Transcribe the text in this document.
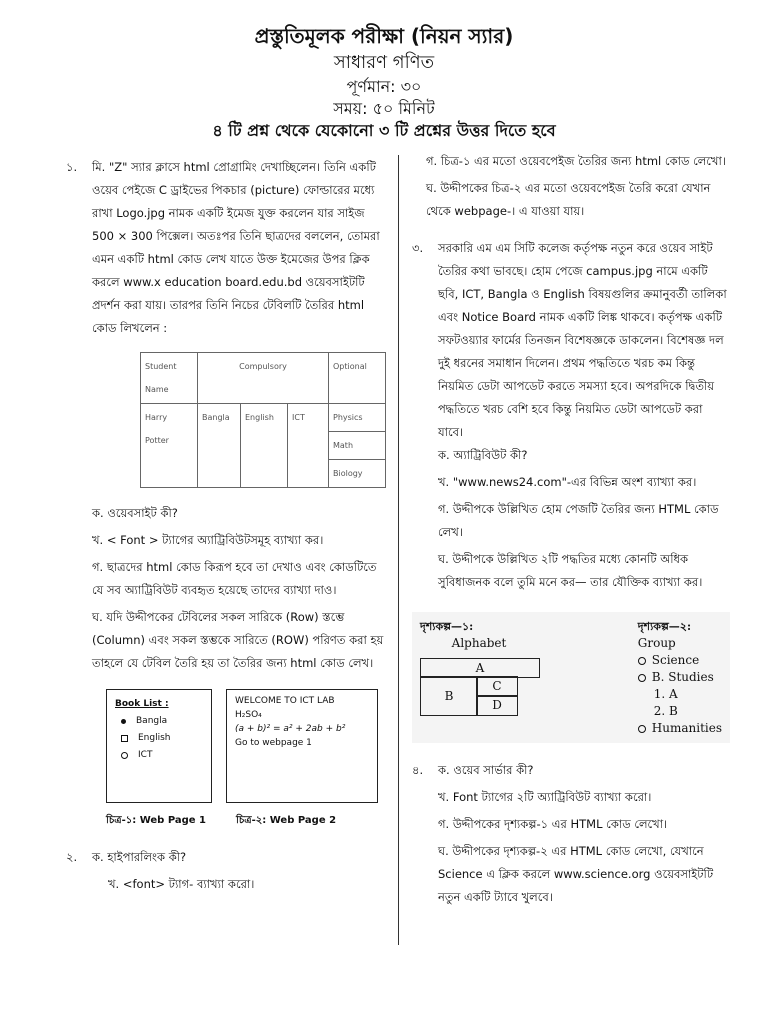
প্রস্তুতিমূলক পরীক্ষা (নিয়ন স্যার)
সাধারণ গণিত
পূর্ণমান: ৩০
সময়: ৫০ মিনিট
৪ টি প্রশ্ন থেকে যেকোনো ৩ টি প্রশ্নের উত্তর দিতে হবে
১. মি. "Z" স্যার ক্লাসে html প্রোগ্রামিং দেখাচ্ছিলেন। তিনি একটি ওয়েব পেইজে C ড্রাইভের পিকচার (picture) ফোল্ডারের মধ্যে রাখা Logo.jpg নামক একটি ইমেজ যুক্ত করলেন যার সাইজ 500 × 300 পিক্সেল। অতঃপর তিনি ছাত্রদের বললেন, তোমরা এমন একটি html কোড লেখ যাতে উক্ত ইমেজের উপর ক্লিক করলে www.x education board.edu.bd ওয়েবসাইটটি প্রদর্শন করা যায়। তারপর তিনি নিচের টেবিলটি তৈরির html কোড লিখলেন :

Student Name	Compulsory			Optional
Harry Potter	Bangla	English	ICT	Physics
				Math
				Biology

ক. ওয়েবসাইট কী?

খ. < Font > ট্যাগের অ্যাট্রিবিউটসমূহ ব্যাখ্যা কর।

গ. ছাত্রদের html কোড কিরূপ হবে তা দেখাও এবং কোডটিতে যে সব অ্যাট্রিবিউট ব্যবহৃত হয়েছে তাদের ব্যাখ্যা দাও।

ঘ. যদি উদ্দীপকের টেবিলের সকল সারিকে (Row) স্তম্ভে (Column) এবং সকল স্তম্ভকে সারিতে (ROW) পরিণত করা হয় তাহলে যে টেবিল তৈরি হয় তা তৈরির জন্য html কোড লেখ।

Book List :
Bangla
English
ICT
WELCOME TO ICT LAB
H₂SO₄
(a + b)² = a² + 2ab + b²
Go to webpage 1
চিত্র-১: Web Page 1	চিত্র-২: Web Page 2
২. ক. হাইপারলিংক কী?

খ. <font> ট্যাগ- ব্যাখ্যা করো।

গ. চিত্র-১ এর মতো ওয়েবপেইজ তৈরির জন্য html কোড লেখো।

ঘ. উদ্দীপকের চিত্র-২ এর মতো ওয়েবপেইজ তৈরি করো যেখান থেকে webpage-। এ যাওয়া যায়।

৩. সরকারি এম এম সিটি কলেজ কর্তৃপক্ষ নতুন করে ওয়েব সাইট তৈরির কথা ভাবছে। হোম পেজে campus.jpg নামে একটি ছবি, ICT, Bangla ও English বিষয়গুলির ক্রমানুবর্তী তালিকা এবং Notice Board নামক একটি লিঙ্ক থাকবে। কর্তৃপক্ষ একটি সফটওয়্যার ফার্মের তিনজন বিশেষজ্ঞকে ডাকলেন। বিশেষজ্ঞ দল দুই ধরনের সমাধান দিলেন। প্রথম পদ্ধতিতে খরচ কম কিন্তু নিয়মিত ডেটা আপডেট করতে সমস্যা হবে। অপরদিকে দ্বিতীয় পদ্ধতিতে খরচ বেশি হবে কিন্তু নিয়মিত ডেটা আপডেট করা যাবে।

ক. অ্যাট্রিবিউট কী?

খ. "www.news24.com"-এর বিভিন্ন অংশ ব্যাখ্যা কর।

গ. উদ্দীপকে উল্লিখিত হোম পেজটি তৈরির জন্য HTML কোড লেখ।

ঘ. উদ্দীপকে উল্লিখিত ২টি পদ্ধতির মধ্যে কোনটি অধিক সুবিধাজনক বলে তুমি মনে কর— তার যৌক্তিক ব্যাখ্যা কর।

দৃশ্যকল্প—১:
Alphabet
A
B
C
D
দৃশ্যকল্প—২:
Group
Science
B. Studies
1. A
2. B
Humanities
৪. ক. ওয়েব সার্ভার কী?

খ. Font ট্যাগের ২টি অ্যাট্রিবিউট ব্যাখ্যা করো।

গ. উদ্দীপকের দৃশ্যকল্প-১ এর HTML কোড লেখো।

ঘ. উদ্দীপকের দৃশ্যকল্প-২ এর HTML কোড লেখো, যেখানে Science এ ক্লিক করলে www.science.org ওয়েবসাইটটি নতুন একটি ট্যাবে খুলবে।
